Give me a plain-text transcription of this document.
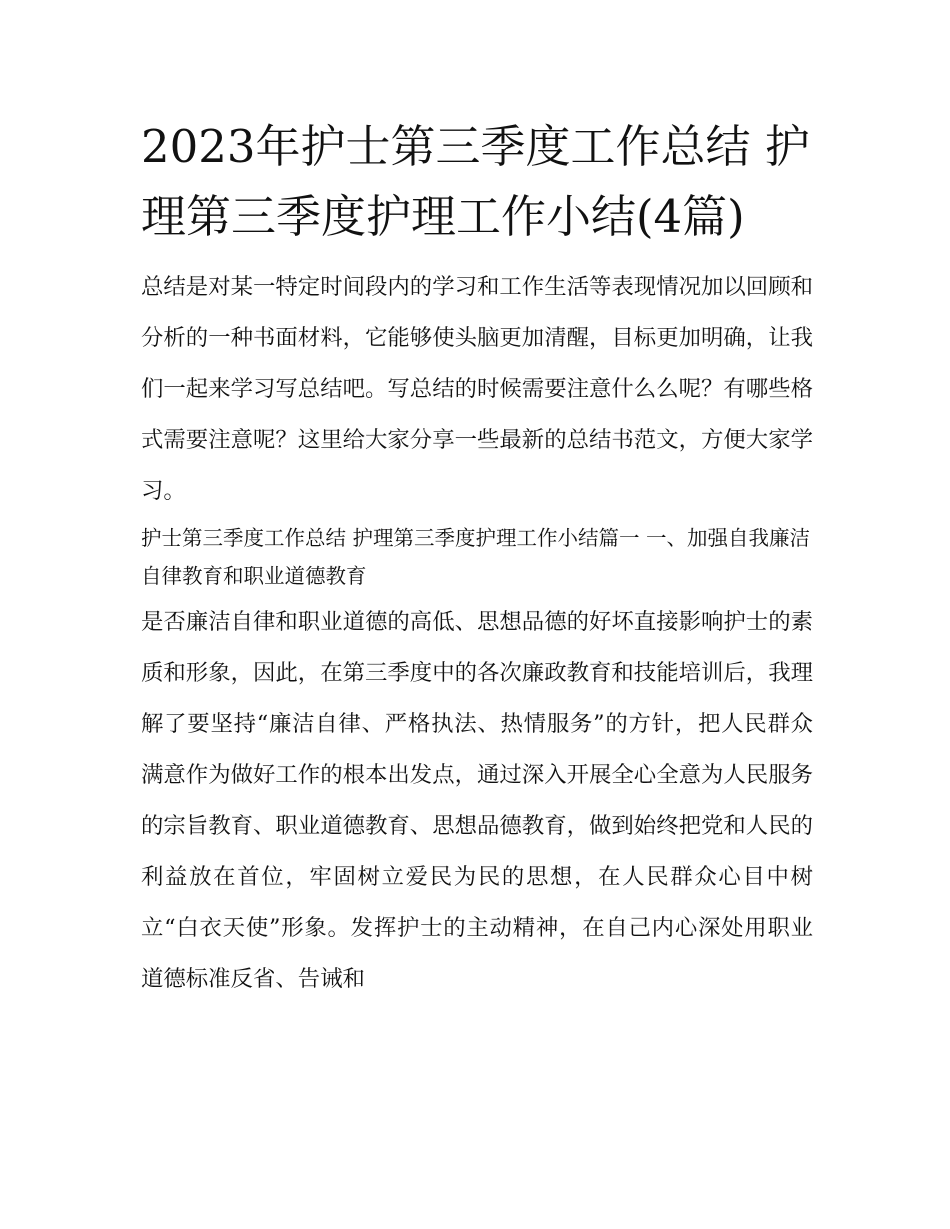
2023年护士第三季度工作总结 护理第三季度护理工作小结(4篇)

总结是对某一特定时间段内的学习和工作生活等表现情况加以回顾和分析的一种书面材料，它能够使头脑更加清醒，目标更加明确，让我们一起来学习写总结吧。写总结的时候需要注意什么么呢？有哪些格式需要注意呢？这里给大家分享一些最新的总结书范文，方便大家学习。

护士第三季度工作总结 护理第三季度护理工作小结篇一 一、加强自我廉洁自律教育和职业道德教育

是否廉洁自律和职业道德的高低、思想品德的好坏直接影响护士的素质和形象，因此，在第三季度中的各次廉政教育和技能培训后，我理解了要坚持“廉洁自律、严格执法、热情服务”的方针，把人民群众满意作为做好工作的根本出发点，通过深入开展全心全意为人民服务的宗旨教育、职业道德教育、思想品德教育，做到始终把党和人民的利益放在首位，牢固树立爱民为民的思想，在人民群众心目中树立“白衣天使”形象。发挥护士的主动精神，在自己内心深处用职业道德标准反省、告诫和
